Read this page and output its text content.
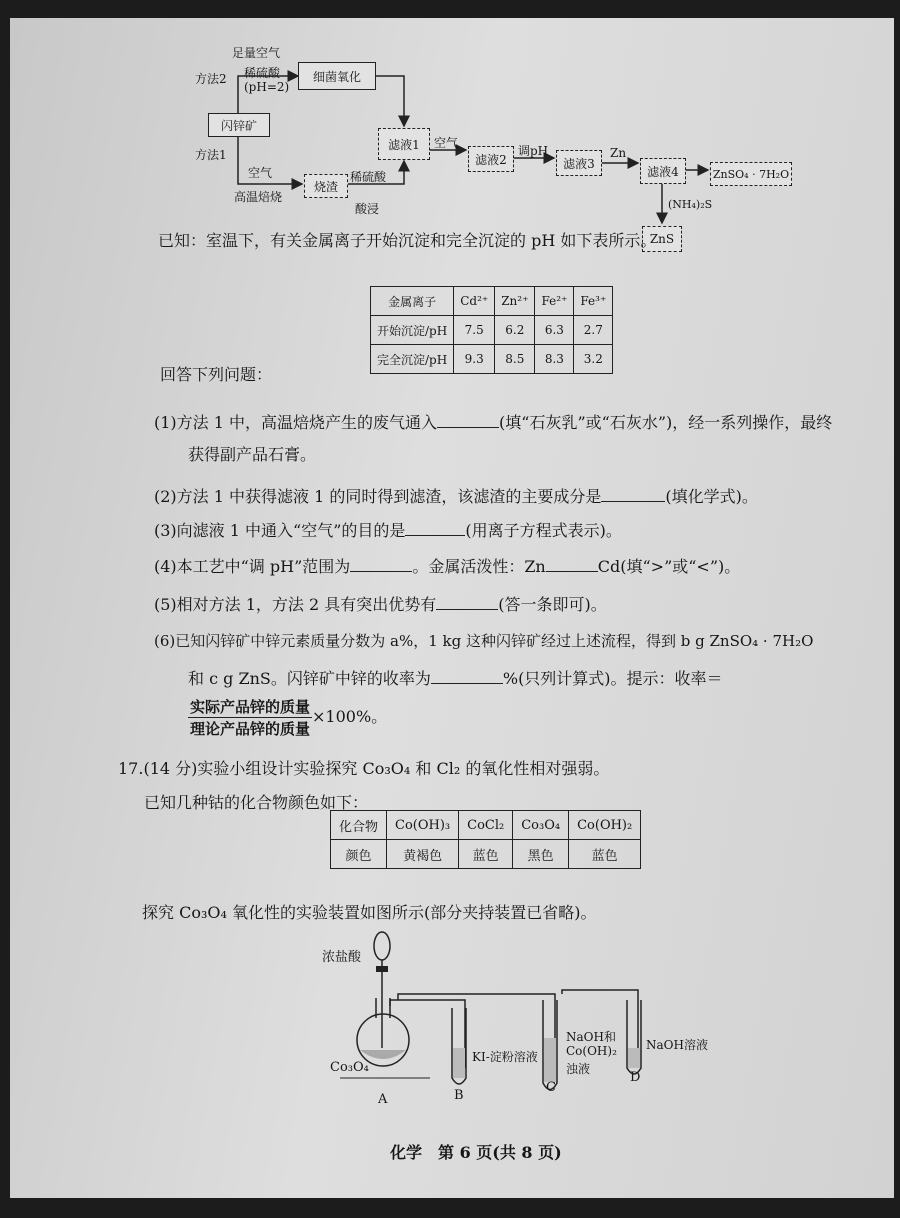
足量空气
方法2 稀硫酸
(pH=2)
细菌氧化
闪锌矿
方法1
空气
高温焙烧
烧渣
稀硫酸
酸浸
滤液1	空气
滤液2
调pH
滤液3
Zn
滤液4	ZnSO₄ · 7H₂O
(NH₄)₂S
ZnS
已知：室温下，有关金属离子开始沉淀和完全沉淀的 pH 如下表所示。
金属离子	Cd²⁺	Zn²⁺	Fe²⁺	Fe³⁺
开始沉淀/pH	7.5	6.2	6.3	2.7
完全沉淀/pH	9.3	8.5	8.3	3.2
回答下列问题：
(1)方法 1 中，高温焙烧产生的废气通入	(填“石灰乳”或“石灰水”)，经一系列操作，最终
获得副产品石膏。
(2)方法 1 中获得滤液 1 的同时得到滤渣，该滤渣的主要成分是	(填化学式)。
(3)向滤液 1 中通入“空气”的目的是	(用离子方程式表示)。
(4)本工艺中“调 pH”范围为	。金属活泼性：Zn	Cd(填“>”或“<”)。
(5)相对方法 1，方法 2 具有突出优势有	(答一条即可)。
(6)已知闪锌矿中锌元素质量分数为 a%，1 kg 这种闪锌矿经过上述流程，得到 b g ZnSO₄ · 7H₂O
和 c g ZnS。闪锌矿中锌的收率为	%(只列计算式)。提示：收率＝
$\frac{\text{实际产品锌的质量}}{\text{理论产品锌的质量}} \times 100\%$。
17.(14 分)实验小组设计实验探究 Co₃O₄ 和 Cl₂ 的氧化性相对强弱。
已知几种钴的化合物颜色如下：
化合物	Co(OH)₃	CoCl₂	Co₃O₄	Co(OH)₂
颜色	黄褐色	蓝色	黑色	蓝色
探究 Co₃O₄ 氧化性的实验装置如图所示(部分夹持装置已省略)。
浓盐酸
Co₃O₄
KI-淀粉溶液
NaOH和
Co(OH)₂
浊液
NaOH溶液
A	B
C
D
化学　第 6 页(共 8 页)
